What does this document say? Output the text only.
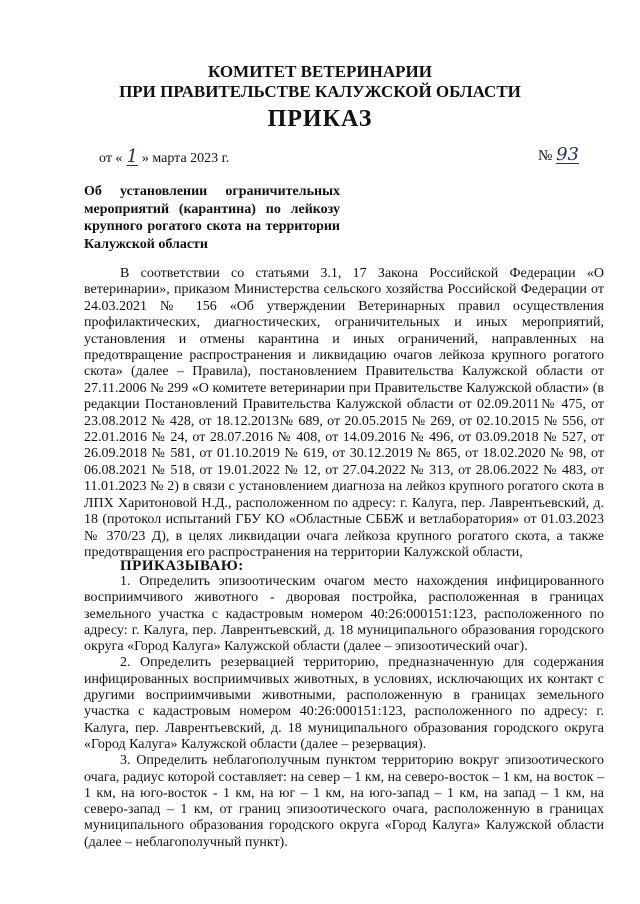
КОМИТЕТ ВЕТЕРИНАРИИ
ПРИ ПРАВИТЕЛЬСТВЕ КАЛУЖСКОЙ ОБЛАСТИ
ПРИКАЗ
от « 1 » марта 2023 г.	№ 93
Об установлении ограничительных мероприятий (карантина) по лейкозу крупного рогатого скота на территории Калужской области

В соответствии со статьями 3.1, 17 Закона Российской Федерации «О ветеринарии», приказом Министерства сельского хозяйства Российской Федерации от 24.03.2021 № 156 «Об утверждении Ветеринарных правил осуществления профилактических, диагностических, ограничительных и иных мероприятий, установления и отмены карантина и иных ограничений, направленных на предотвращение распространения и ликвидацию очагов лейкоза крупного рогатого скота» (далее – Правила), постановлением Правительства Калужской области от 27.11.2006 № 299 «О комитете ветеринарии при Правительстве Калужской области» (в редакции Постановлений Правительства Калужской области от 02.09.2011№ 475, от 23.08.2012 № 428, от 18.12.2013№ 689, от 20.05.2015 № 269, от 02.10.2015 № 556, от 22.01.2016 № 24, от 28.07.2016 № 408, от 14.09.2016 № 496, от 03.09.2018 № 527, от 26.09.2018 № 581, от 01.10.2019 № 619, от 30.12.2019 № 865, от 18.02.2020 № 98, от 06.08.2021 № 518, от 19.01.2022 № 12, от 27.04.2022 № 313, от 28.06.2022 № 483, от 11.01.2023 № 2) в связи с установлением диагноза на лейкоз крупного рогатого скота в ЛПХ Харитоновой Н.Д., расположенном по адресу: г. Калуга, пер. Лаврентьевский, д. 18 (протокол испытаний ГБУ КО «Областные СББЖ и ветлаборатория» от 01.03.2023 № 370/23 Д), в целях ликвидации очага лейкоза крупного рогатого скота, а также предотвращения его распространения на территории Калужской области,

ПРИКАЗЫВАЮ:

1. Определить эпизоотическим очагом место нахождения инфицированного восприимчивого животного - дворовая постройка, расположенная в границах земельного участка с кадастровым номером 40:26:000151:123, расположенного по адресу: г. Калуга, пер. Лаврентьевский, д. 18 муниципального образования городского округа «Город Калуга» Калужской области (далее – эпизоотический очаг).

2. Определить резервацией территорию, предназначенную для содержания инфицированных восприимчивых животных, в условиях, исключающих их контакт с другими восприимчивыми животными, расположенную в границах земельного участка с кадастровым номером 40:26:000151:123, расположенного по адресу: г. Калуга, пер. Лаврентьевский, д. 18 муниципального образования городского округа «Город Калуга» Калужской области (далее – резервация).

3. Определить неблагополучным пунктом территорию вокруг эпизоотического очага, радиус которой составляет: на север – 1 км, на северо-восток – 1 км, на восток – 1 км, на юго-восток - 1 км, на юг – 1 км, на юго-запад – 1 км, на запад – 1 км, на северо-запад – 1 км, от границ эпизоотического очага, расположенную в границах муниципального образования городского округа «Город Калуга» Калужской области (далее – неблагополучный пункт).
